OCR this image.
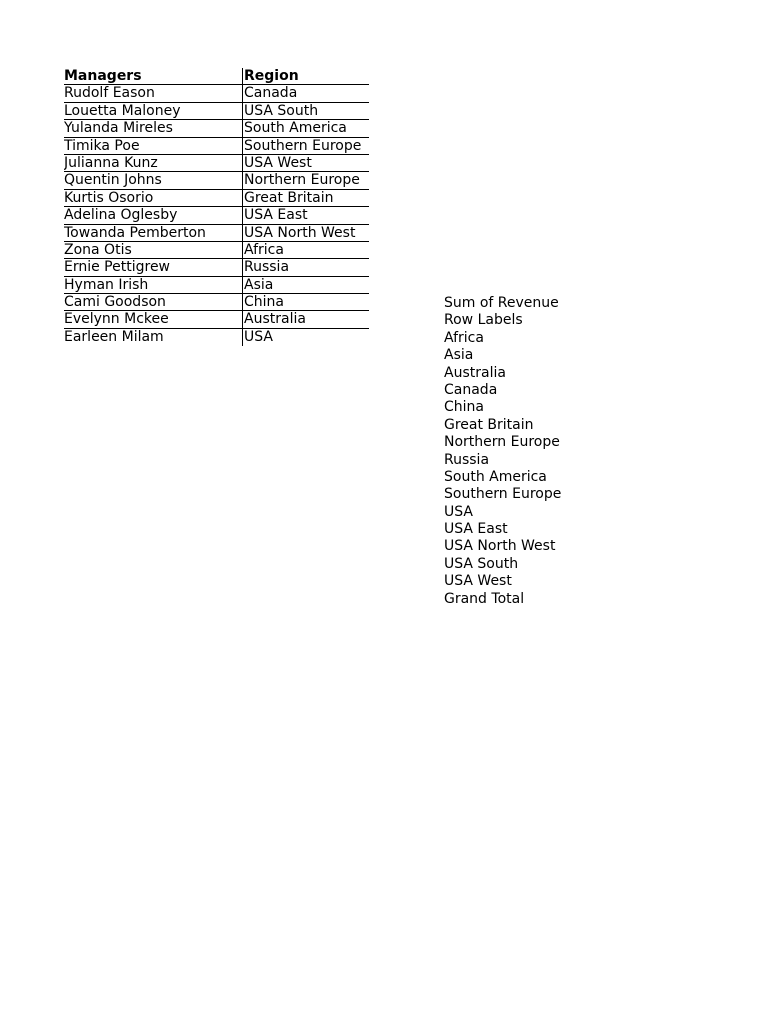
Managers	Region
Rudolf Eason	Canada
Louetta Maloney	USA South
Yulanda Mireles	South America
Timika Poe	Southern Europe
Julianna Kunz	USA West
Quentin Johns	Northern Europe
Kurtis Osorio	Great Britain
Adelina Oglesby	USA East
Towanda Pemberton	USA North West
Zona Otis	Africa
Ernie Pettigrew	Russia
Hyman Irish	Asia
Cami Goodson	China
Evelynn Mckee	Australia
Earleen Milam	USA
Sum of Revenue
Row Labels
Africa
Asia
Australia
Canada
China
Great Britain
Northern Europe
Russia
South America
Southern Europe
USA
USA East
USA North West
USA South
USA West
Grand Total
